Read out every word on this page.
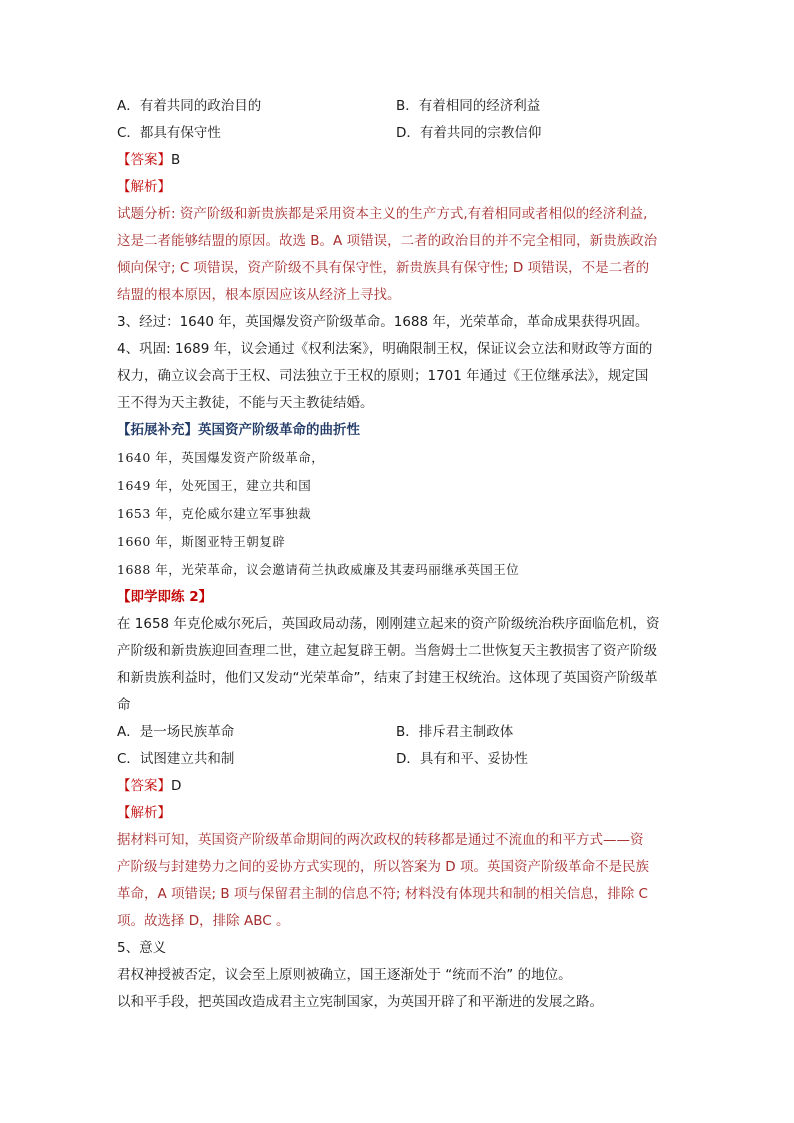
A．有着共同的政治目的	B．有着相同的经济利益
C．都具有保守性	D．有着共同的宗教信仰
【答案】B
【解析】
试题分析: 资产阶级和新贵族都是采用资本主义的生产方式,有着相同或者相似的经济利益,
这是二者能够结盟的原因。故选 B。A 项错误，二者的政治目的并不完全相同，新贵族政治
倾向保守; C 项错误，资产阶级不具有保守性，新贵族具有保守性; D 项错误，不是二者的
结盟的根本原因，根本原因应该从经济上寻找。
3、经过：1640 年，英国爆发资产阶级革命。1688 年，光荣革命，革命成果获得巩固。
4、巩固: 1689 年，议会通过《权利法案》，明确限制王权，保证议会立法和财政等方面的
权力，确立议会高于王权、司法独立于王权的原则；1701 年通过《王位继承法》，规定国
王不得为天主教徒，不能与天主教徒结婚。
【拓展补充】英国资产阶级革命的曲折性
1640 年，英国爆发资产阶级革命，
1649 年，处死国王，建立共和国
1653 年，克伦威尔建立军事独裁
1660 年，斯图亚特王朝复辟
1688 年，光荣革命，议会邀请荷兰执政威廉及其妻玛丽继承英国王位
【即学即练 2】
在 1658 年克伦威尔死后，英国政局动荡，刚刚建立起来的资产阶级统治秩序面临危机，资
产阶级和新贵族迎回查理二世，建立起复辟王朝。当詹姆士二世恢复天主教损害了资产阶级
和新贵族利益时，他们又发动“光荣革命”，结束了封建王权统治。这体现了英国资产阶级革
命
A．是一场民族革命	B．排斥君主制政体
C．试图建立共和制	D．具有和平、妥协性
【答案】D
【解析】
据材料可知，英国资产阶级革命期间的两次政权的转移都是通过不流血的和平方式——资
产阶级与封建势力之间的妥协方式实现的，所以答案为 D 项。英国资产阶级革命不是民族
革命，A 项错误; B 项与保留君主制的信息不符; 材料没有体现共和制的相关信息，排除 C
项。故选择 D，排除 ABC 。
5、意义
君权神授被否定，议会至上原则被确立，国王逐渐处于 “统而不治” 的地位。
以和平手段，把英国改造成君主立宪制国家，为英国开辟了和平渐进的发展之路。
